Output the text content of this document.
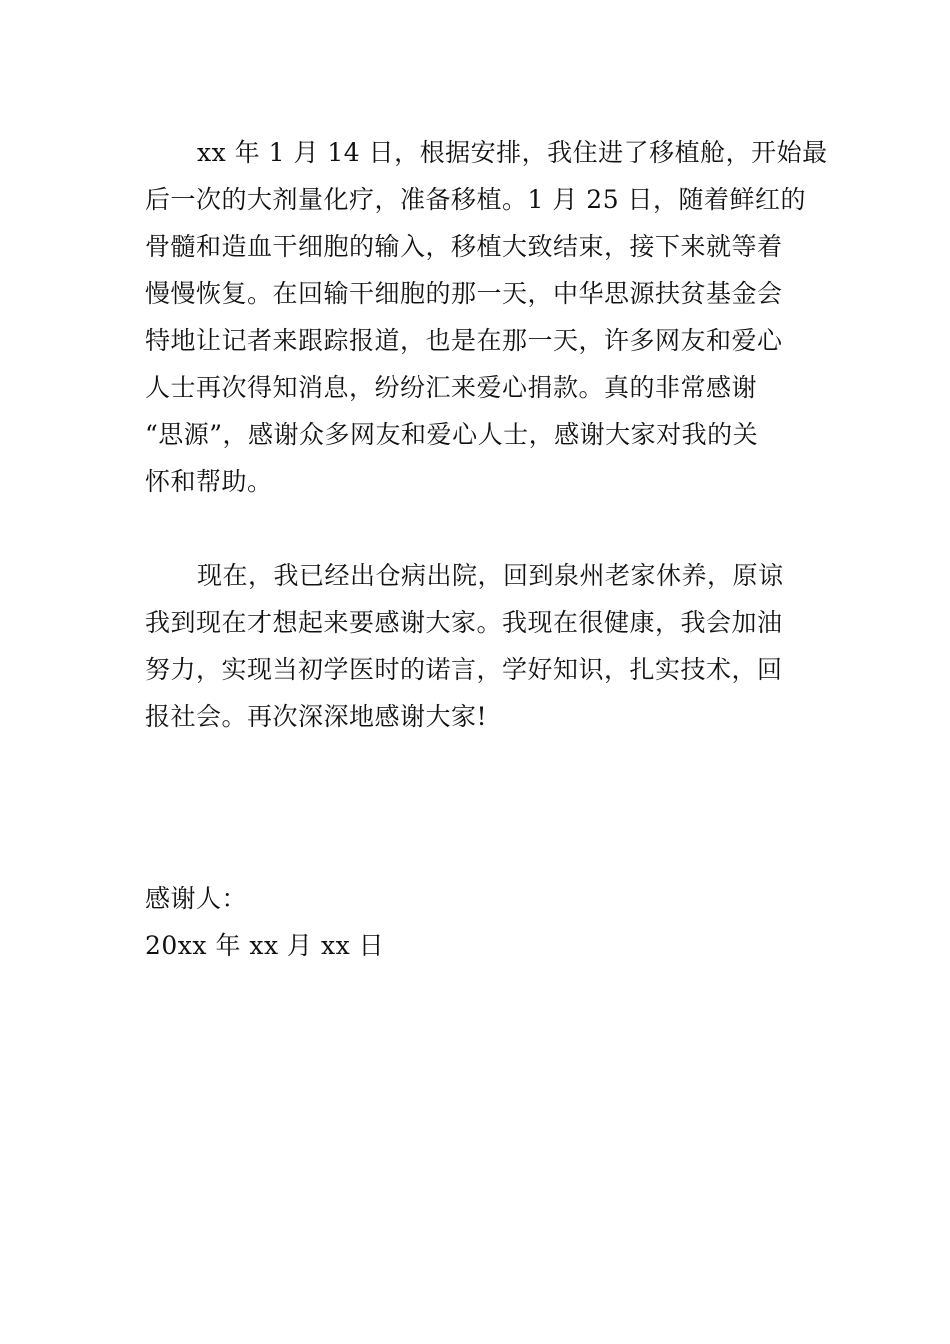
xx 年 1 月 14 日，根据安排，我住进了移植舱，开始最
后一次的大剂量化疗，准备移植。1 月 25 日，随着鲜红的
骨髓和造血干细胞的输入，移植大致结束，接下来就等着
慢慢恢复。在回输干细胞的那一天，中华思源扶贫基金会
特地让记者来跟踪报道，也是在那一天，许多网友和爱心
人士再次得知消息，纷纷汇来爱心捐款。真的非常感谢
“思源”，感谢众多网友和爱心人士，感谢大家对我的关
怀和帮助。

现在，我已经出仓病出院，回到泉州老家休养，原谅
我到现在才想起来要感谢大家。我现在很健康，我会加油
努力，实现当初学医时的诺言，学好知识，扎实技术，回
报社会。再次深深地感谢大家!

感谢人：
20xx 年 xx 月 xx 日
